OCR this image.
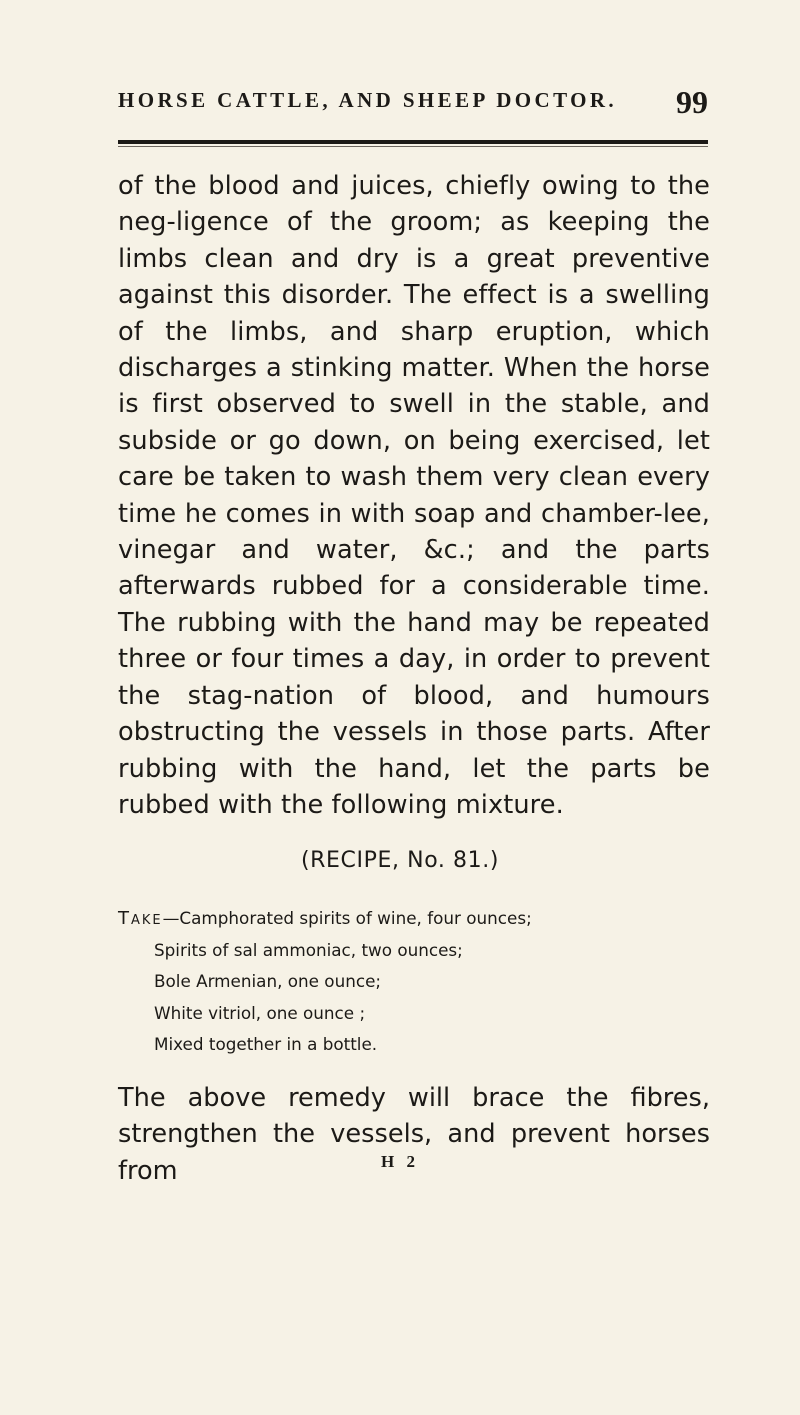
HORSE CATTLE, AND SHEEP DOCTOR. 99

of the blood and juices, chiefly owing to the neg-ligence of the groom; as keeping the limbs clean and dry is a great preventive against this disorder. The effect is a swelling of the limbs, and sharp eruption, which discharges a stinking matter. When the horse is first observed to swell in the stable, and subside or go down, on being exercised, let care be taken to wash them very clean every time he comes in with soap and chamber-lee, vinegar and water, &c.; and the parts afterwards rubbed for a considerable time. The rubbing with the hand may be repeated three or four times a day, in order to prevent the stag-nation of blood, and humours obstructing the vessels in those parts. After rubbing with the hand, let the parts be rubbed with the following mixture.

(RECIPE, No. 81.)
Take—Camphorated spirits of wine, four ounces;
Spirits of sal ammoniac, two ounces;
Bole Armenian, one ounce;
White vitriol, one ounce ;
Mixed together in a bottle.

The above remedy will brace the fibres, strengthen the vessels, and prevent horses from	H 2
